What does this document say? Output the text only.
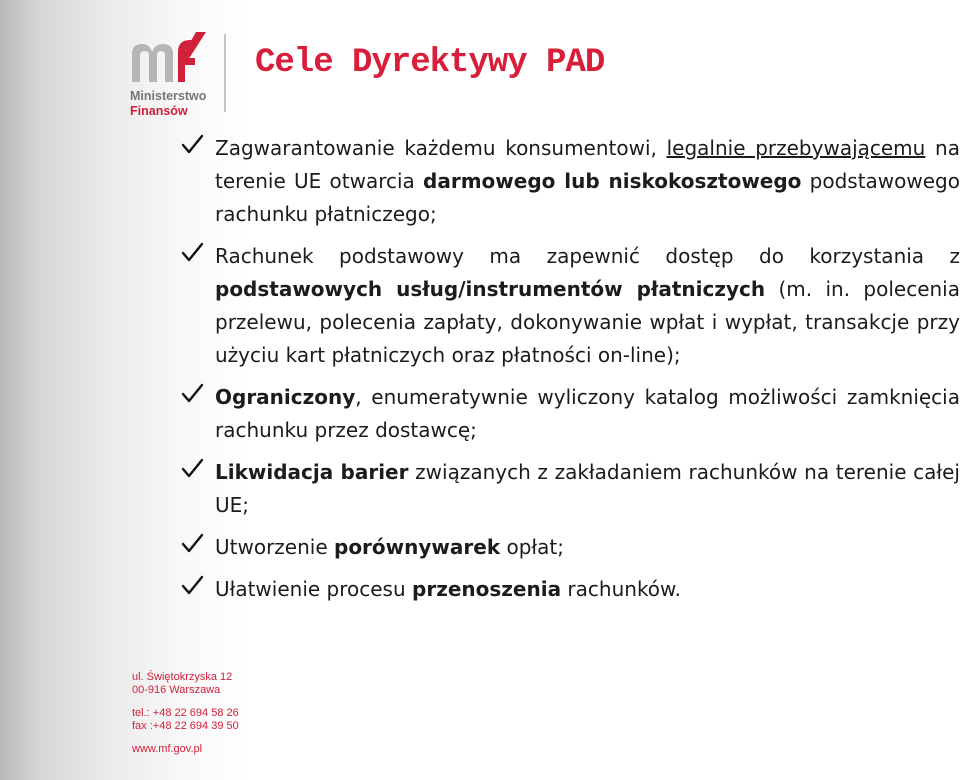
Ministerstwo
Finansów
Cele Dyrektywy PAD
Zagwarantowanie każdemu konsumentowi, legalnie przebywającemu na terenie UE otwarcia darmowego lub niskokosztowego podstawowego rachunku płatniczego;
Rachunek podstawowy ma zapewnić dostęp do korzystania z podstawowych usług/instrumentów płatniczych (m. in. polecenia przelewu, polecenia zapłaty, dokonywanie wpłat i wypłat, transakcje przy użyciu kart płatniczych oraz płatności on-line);
Ograniczony, enumeratywnie wyliczony katalog możliwości zamknięcia rachunku przez dostawcę;
Likwidacja barier związanych z zakładaniem rachunków na terenie całej UE;
Utworzenie porównywarek opłat;
Ułatwienie procesu przenoszenia rachunków.
ul. Świętokrzyska 12
00-916 Warszawa
tel.: +48 22 694 58 26
fax :+48 22 694 39 50
www.mf.gov.pl
